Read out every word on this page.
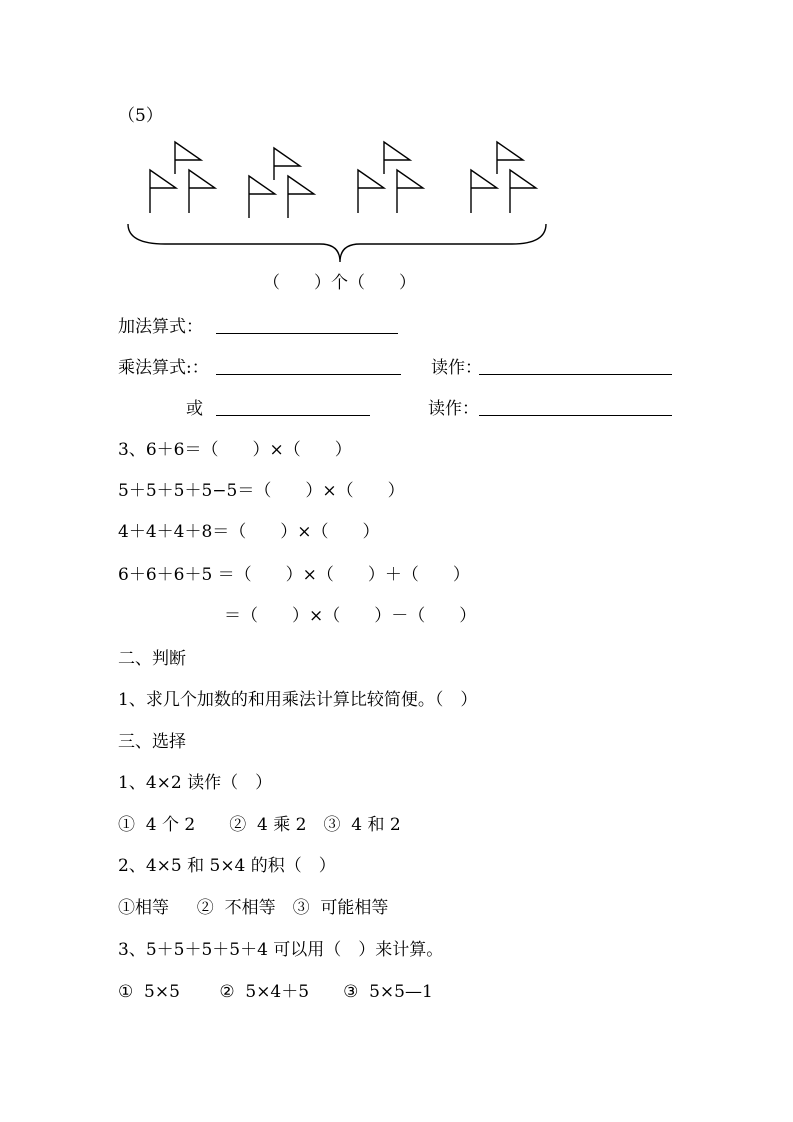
（5）
（　　）个（　　）
加法算式：
乘法算式:：	读作：
或	读作：
3、6＋6＝（　　）×（　　）
5＋5＋5＋5−5＝（　　）×（　　）
4＋4＋4＋8＝（　　）×（　　）
6＋6＋6＋5 ＝（　　）×（　　）＋（　　）
＝（　　）×（　　）－（　　）
二、判断
1、求几个加数的和用乘法计算比较简便。（　）
三、选择
1、4×2 读作（　）
①  4 个 2　　②  4 乘 2　③  4 和 2
2、4×5 和 5×4 的积（　）
①相等　  ②  不相等　③  可能相等
3、5＋5＋5＋5＋4 可以用（　）来计算。
①  5×5　　 ②  5×4＋5　　③  5×5—1
